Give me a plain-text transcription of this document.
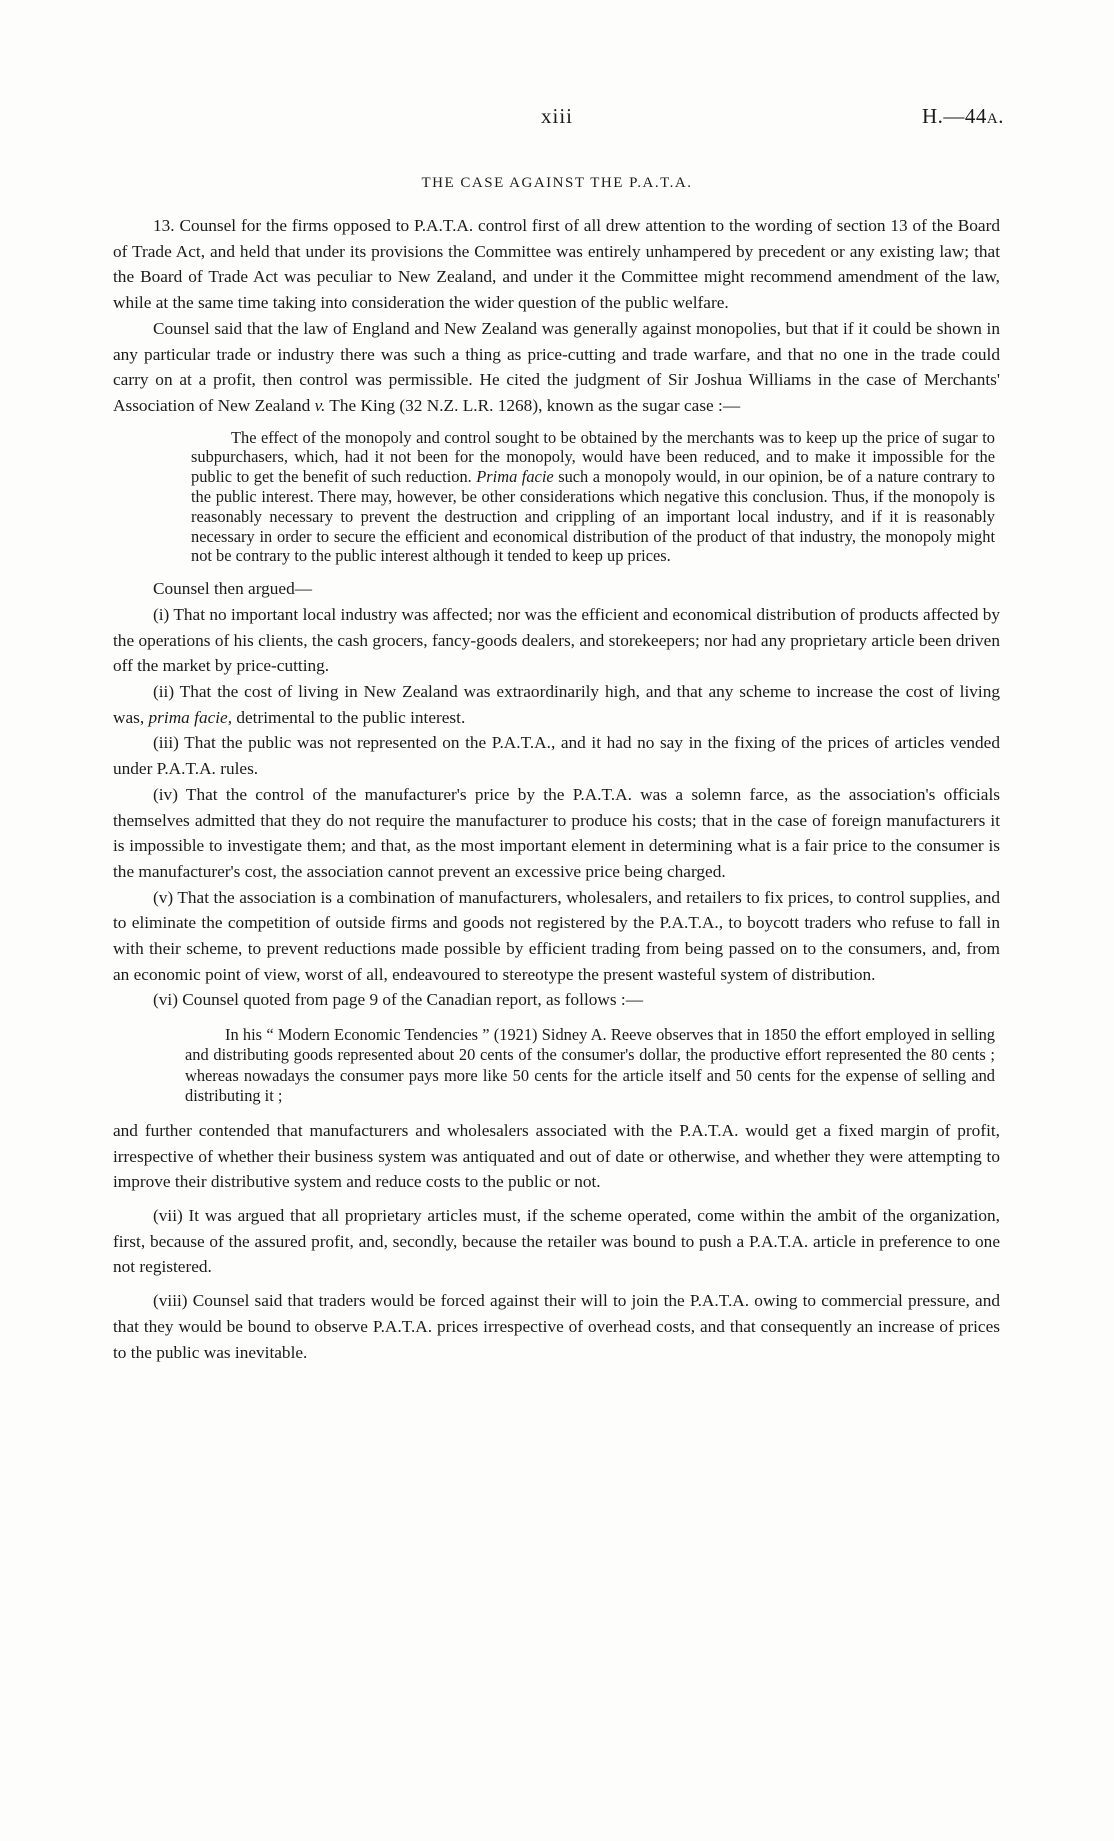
xiii	H.—44A.
THE CASE AGAINST THE P.A.T.A.

13. Counsel for the firms opposed to P.A.T.A. control first of all drew attention to the wording of section 13 of the Board of Trade Act, and held that under its provisions the Committee was entirely unhampered by precedent or any existing law; that the Board of Trade Act was peculiar to New Zealand, and under it the Committee might recommend amendment of the law, while at the same time taking into consideration the wider question of the public welfare.

Counsel said that the law of England and New Zealand was generally against monopolies, but that if it could be shown in any particular trade or industry there was such a thing as price-cutting and trade warfare, and that no one in the trade could carry on at a profit, then control was permissible. He cited the judgment of Sir Joshua Williams in the case of Merchants' Association of New Zealand v. The King (32 N.Z. L.R. 1268), known as the sugar case :—

The effect of the monopoly and control sought to be obtained by the merchants was to keep up the price of sugar to subpurchasers, which, had it not been for the monopoly, would have been reduced, and to make it impossible for the public to get the benefit of such reduction. Prima facie such a monopoly would, in our opinion, be of a nature contrary to the public interest. There may, however, be other considerations which negative this conclusion. Thus, if the monopoly is reasonably necessary to prevent the destruction and crippling of an important local industry, and if it is reasonably necessary in order to secure the efficient and economical distribution of the product of that industry, the monopoly might not be contrary to the public interest although it tended to keep up prices.

Counsel then argued—

(i) That no important local industry was affected; nor was the efficient and economical distribution of products affected by the operations of his clients, the cash grocers, fancy-goods dealers, and storekeepers; nor had any proprietary article been driven off the market by price-cutting.

(ii) That the cost of living in New Zealand was extraordinarily high, and that any scheme to increase the cost of living was, prima facie, detrimental to the public interest.

(iii) That the public was not represented on the P.A.T.A., and it had no say in the fixing of the prices of articles vended under P.A.T.A. rules.

(iv) That the control of the manufacturer's price by the P.A.T.A. was a solemn farce, as the association's officials themselves admitted that they do not require the manufacturer to produce his costs; that in the case of foreign manufacturers it is impossible to investigate them; and that, as the most important element in determining what is a fair price to the consumer is the manufacturer's cost, the association cannot prevent an excessive price being charged.

(v) That the association is a combination of manufacturers, wholesalers, and retailers to fix prices, to control supplies, and to eliminate the competition of outside firms and goods not registered by the P.A.T.A., to boycott traders who refuse to fall in with their scheme, to prevent reductions made possible by efficient trading from being passed on to the consumers, and, from an economic point of view, worst of all, endeavoured to stereotype the present wasteful system of distribution.

(vi) Counsel quoted from page 9 of the Canadian report, as follows :—

In his “ Modern Economic Tendencies ” (1921) Sidney A. Reeve observes that in 1850 the effort employed in selling and distributing goods represented about 20 cents of the consumer's dollar, the productive effort represented the 80 cents ; whereas nowadays the consumer pays more like 50 cents for the article itself and 50 cents for the expense of selling and distributing it ;

and further contended that manufacturers and wholesalers associated with the P.A.T.A. would get a fixed margin of profit, irrespective of whether their business system was antiquated and out of date or otherwise, and whether they were attempting to improve their distributive system and reduce costs to the public or not.

(vii) It was argued that all proprietary articles must, if the scheme operated, come within the ambit of the organization, first, because of the assured profit, and, secondly, because the retailer was bound to push a P.A.T.A. article in preference to one not registered.

(viii) Counsel said that traders would be forced against their will to join the P.A.T.A. owing to commercial pressure, and that they would be bound to observe P.A.T.A. prices irrespective of overhead costs, and that consequently an increase of prices to the public was inevitable.
